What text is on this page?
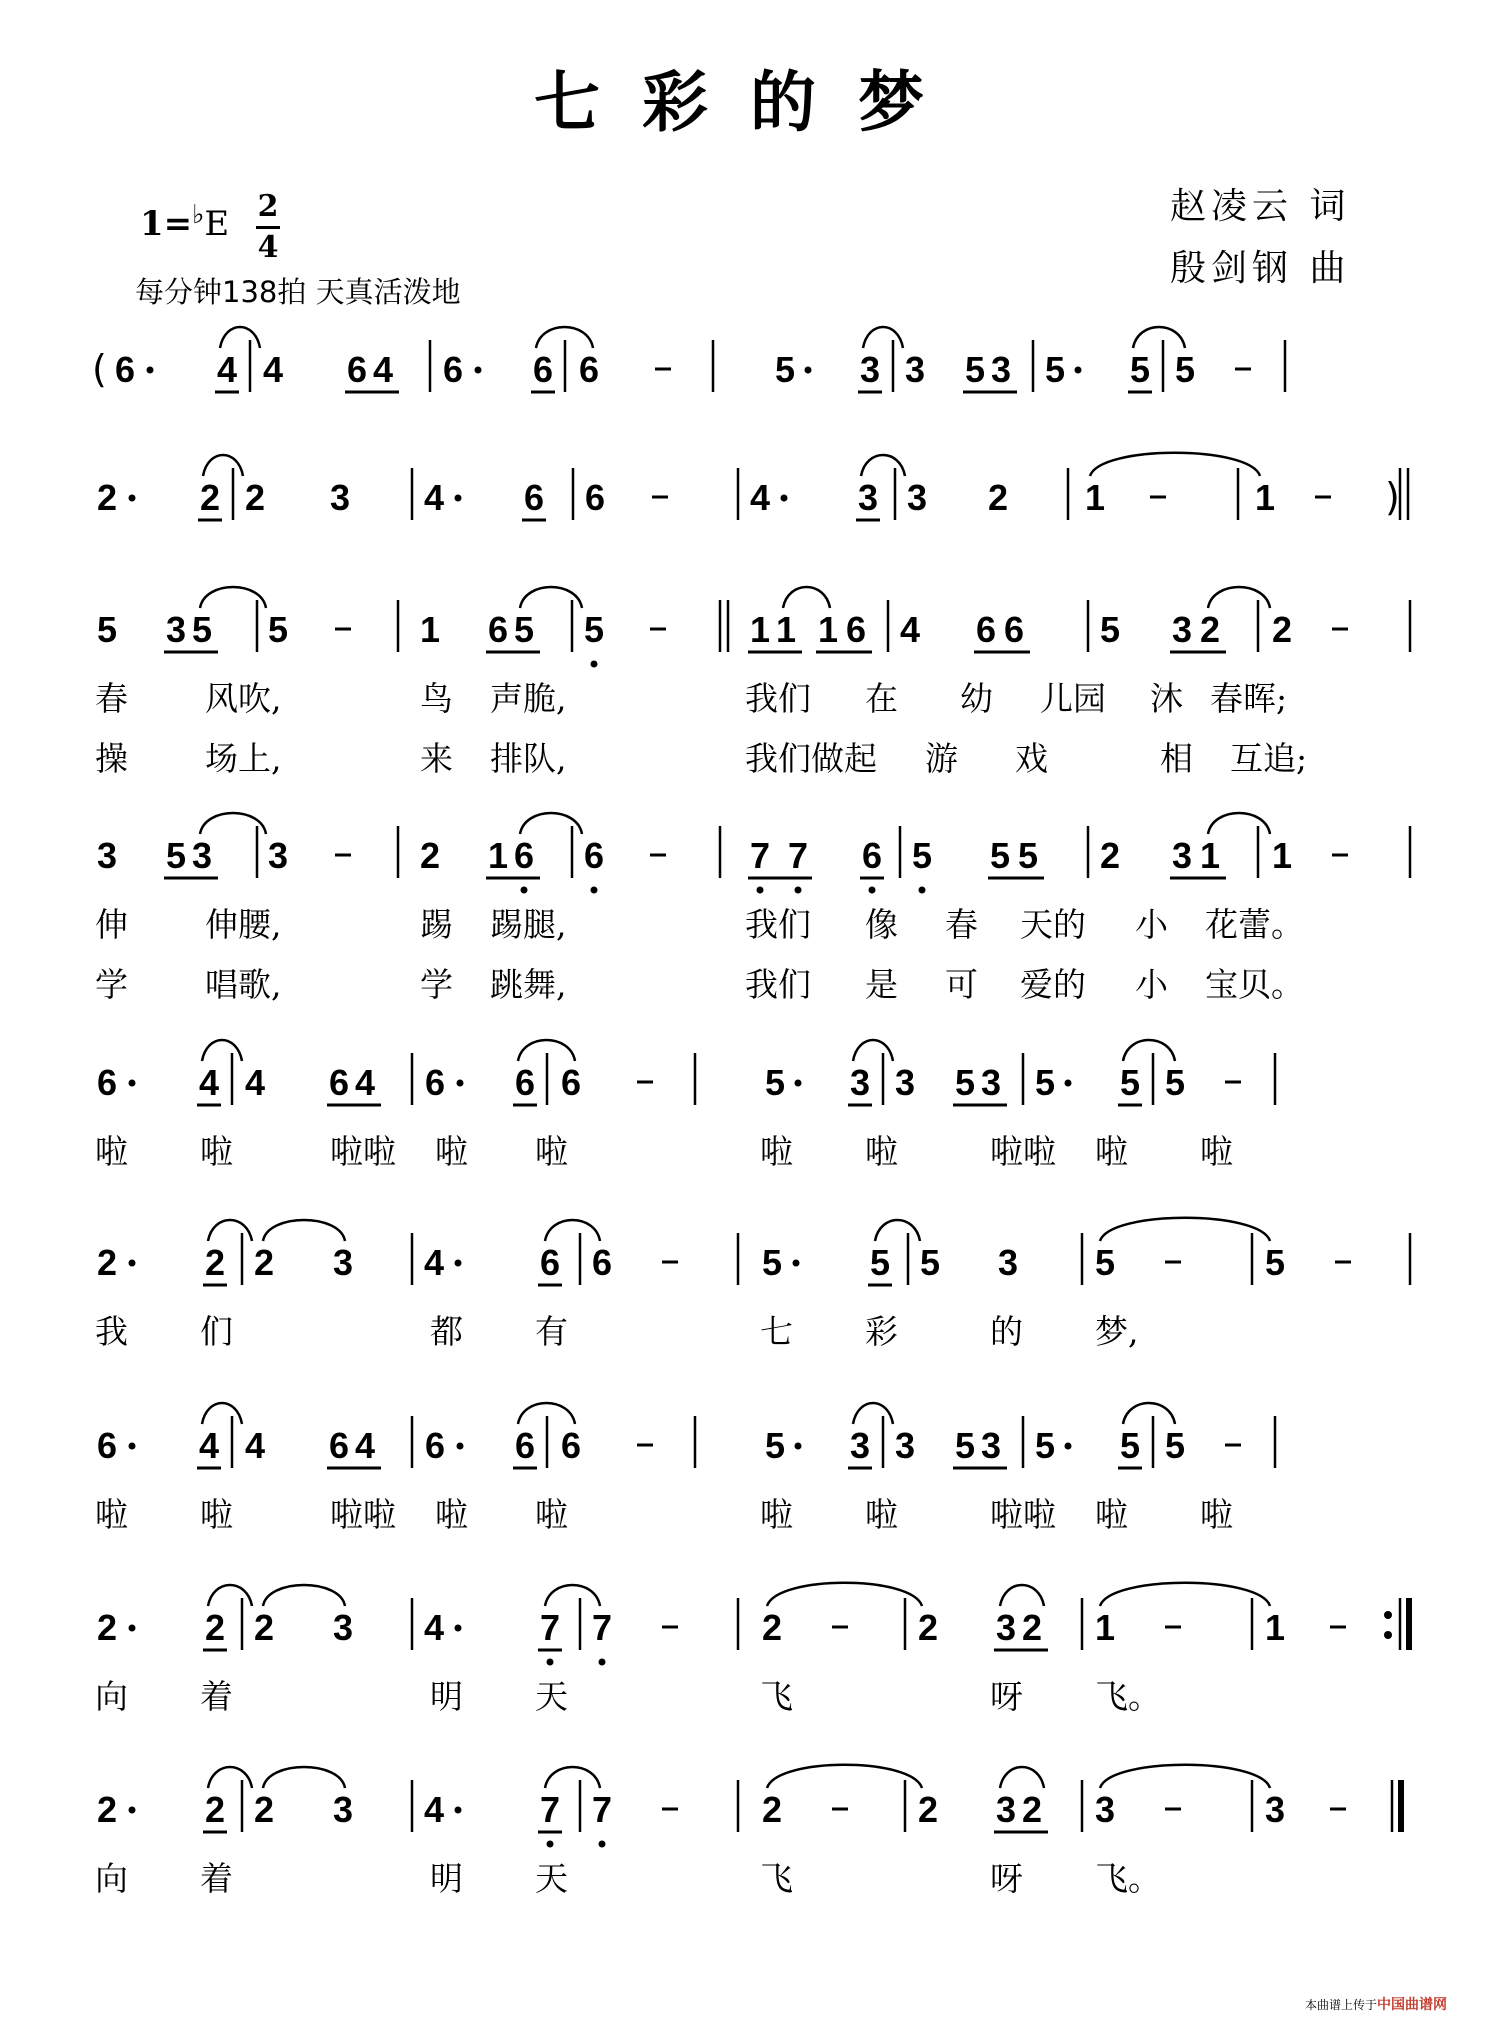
七彩的梦
1=♭E 2
4
每分钟138拍 天真活泼地
赵凌云 词
殷剑钢 曲
( 6 4 4 6 4 6 6 6	5 3 3 5 3 5 5 5
2 2 2 3 4 6 6	4 3 3 2 1	1	)
5 3 5 5	1 6 5 5	1 1 1 6 4 6 6 5 3 2 2
3 5 3 3	2 1 6 6	7 7 6 5 5 5 2 3 1 1
6 4 4 6 4 6 6 6	5 3 3 5 3 5 5 5
2 2 2 3 4	6 6	5 5 5 3 5	5
6 4 4 6 4 6 6 6	5 3 3 5 3 5 5 5
2 2 2 3 4	7 7	2	2 3 2 1	1
2 2 2 3 4	7 7	2	2 3 2 3	3
春 风吹,	鸟 声脆,	我们 在 幼 儿园 沐 春晖;
操 场上,	来 排队,	我们做起 游 戏	相 互追;
伸 伸腰,	踢 踢腿,	我们 像 春 天的 小 花蕾。
学 唱歌,	学 跳舞,	我们 是 可 爱的 小 宝贝。
啦 啦	啦啦 啦 啦	啦 啦	啦啦 啦 啦
我 们	都 有	七 彩	的 梦,
啦 啦	啦啦 啦 啦	啦 啦	啦啦 啦 啦
向 着	明 天	飞	呀 飞。
向 着	明 天	飞	呀 飞。
本曲谱上传于中国曲谱网
